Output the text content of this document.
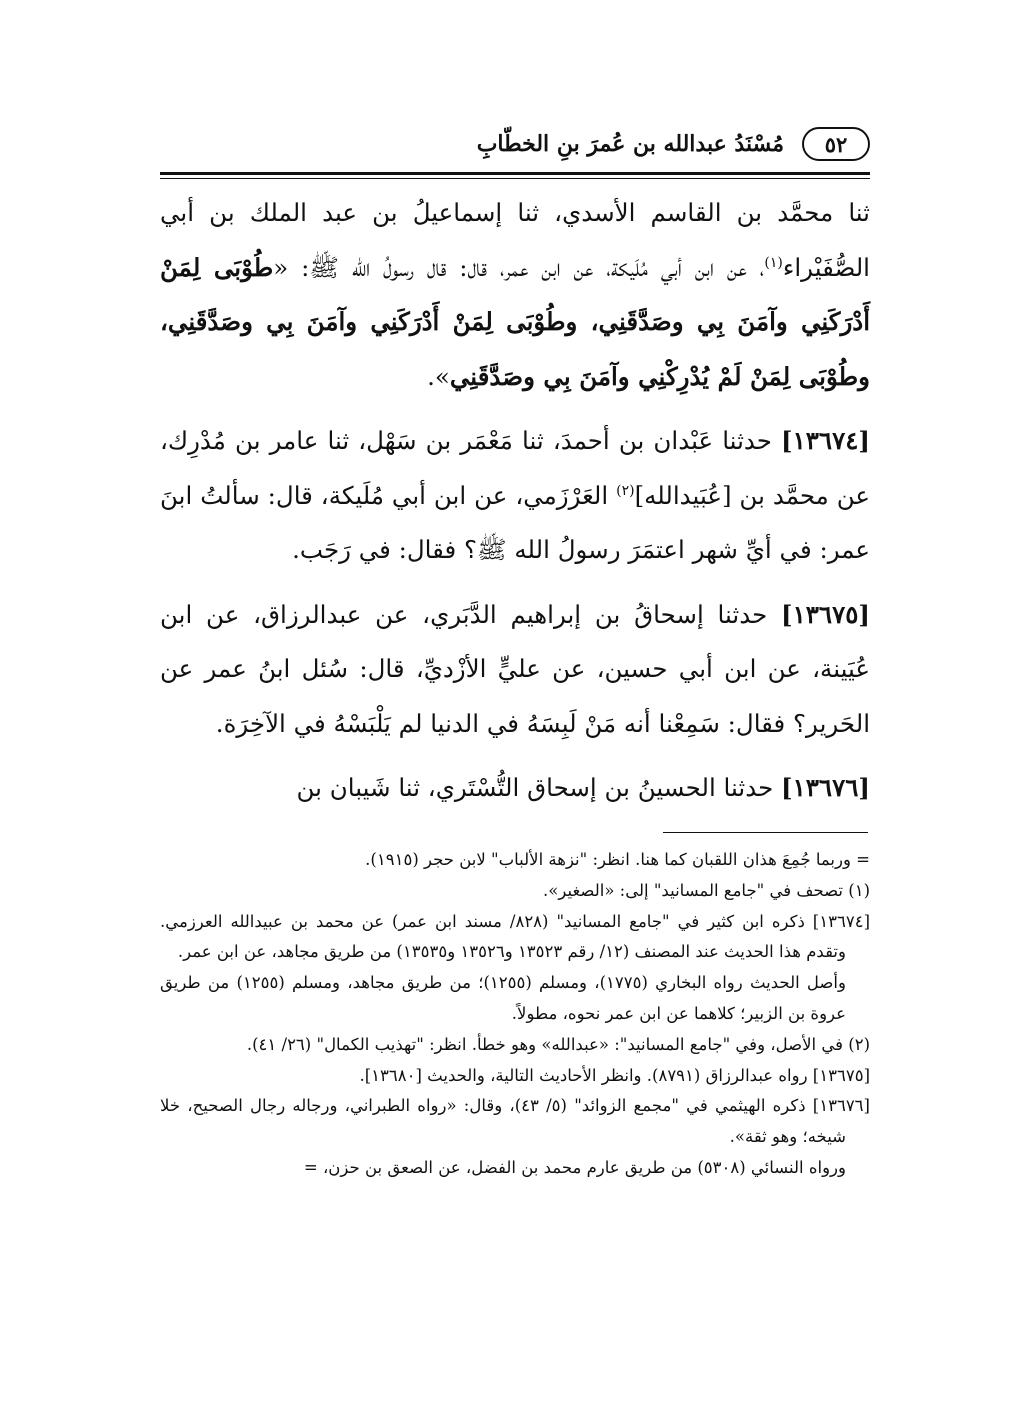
٥٢
مُسْنَدُ عبدالله بن عُمرَ بنِ الخطّابِ

ثنا محمَّد بن القاسم الأسدي، ثنا إسماعيلُ بن عبد الملك بن أبي الصُّفَيْراء$^{(١)}$، عن ابن أبي مُلَيكة، عن ابن عمر، قال: قال رسولُ الله ﷺ: «طُوْبَى لِمَنْ أَدْرَكَنِي وآمَنَ بِي وصَدَّقَنِي، وطُوْبَى لِمَنْ أَدْرَكَنِي وآمَنَ بِي وصَدَّقَنِي، وطُوْبَى لِمَنْ لَمْ يُدْرِكْنِي وآمَنَ بِي وصَدَّقَنِي».

[١٣٦٧٤] حدثنا عَبْدان بن أحمدَ، ثنا مَعْمَر بن سَهْل، ثنا عامر بن مُدْرِك، عن محمَّد بن [عُبَيدالله]$^{(٢)}$ العَرْزَمي، عن ابن أبي مُلَيكة، قال: سألتُ ابنَ عمر: في أيِّ شهر اعتمَرَ رسولُ الله ﷺ؟ فقال: في رَجَب.

[١٣٦٧٥] حدثنا إسحاقُ بن إبراهيم الدَّبَري، عن عبدالرزاق، عن ابن عُيَينة، عن ابن أبي حسين، عن عليٍّ الأزْديِّ، قال: سُئل ابنُ عمر عن الحَرير؟ فقال: سَمِعْنا أنه مَنْ لَبِسَهُ في الدنيا لم يَلْبَسْهُ في الآخِرَة.

[١٣٦٧٦] حدثنا الحسينُ بن إسحاق التُّسْتَري، ثنا شَيبان بن

= وربما جُمِعَ هذان اللقبان كما هنا. انظر: "نزهة الألباب" لابن حجر (١٩١٥).

(١) تصحف في "جامع المسانيد" إلى: «الصغير».

[١٣٦٧٤] ذكره ابن كثير في "جامع المسانيد" (٨٢٨/ مسند ابن عمر) عن محمد بن عبيدالله العرزمي. وتقدم هذا الحديث عند المصنف (١٢/ رقم ١٣٥٢٣ و١٣٥٢٦ و١٣٥٣٥) من طريق مجاهد، عن ابن عمر.

وأصل الحديث رواه البخاري (١٧٧٥)، ومسلم (١٢٥٥)؛ من طريق مجاهد، ومسلم (١٢٥٥) من طريق عروة بن الزبير؛ كلاهما عن ابن عمر نحوه، مطولاً.

(٢) في الأصل، وفي "جامع المسانيد": «عبدالله» وهو خطأ. انظر: "تهذيب الكمال" (٢٦/ ٤١).

[١٣٦٧٥] رواه عبدالرزاق (٨٧٩١). وانظر الأحاديث التالية، والحديث [١٣٦٨٠].

[١٣٦٧٦] ذكره الهيثمي في "مجمع الزوائد" (٥/ ٤٣)، وقال: «رواه الطبراني، ورجاله رجال الصحيح، خلا شيخه؛ وهو ثقة».

ورواه النسائي (٥٣٠٨) من طريق عارم محمد بن الفضل، عن الصعق بن حزن، =
